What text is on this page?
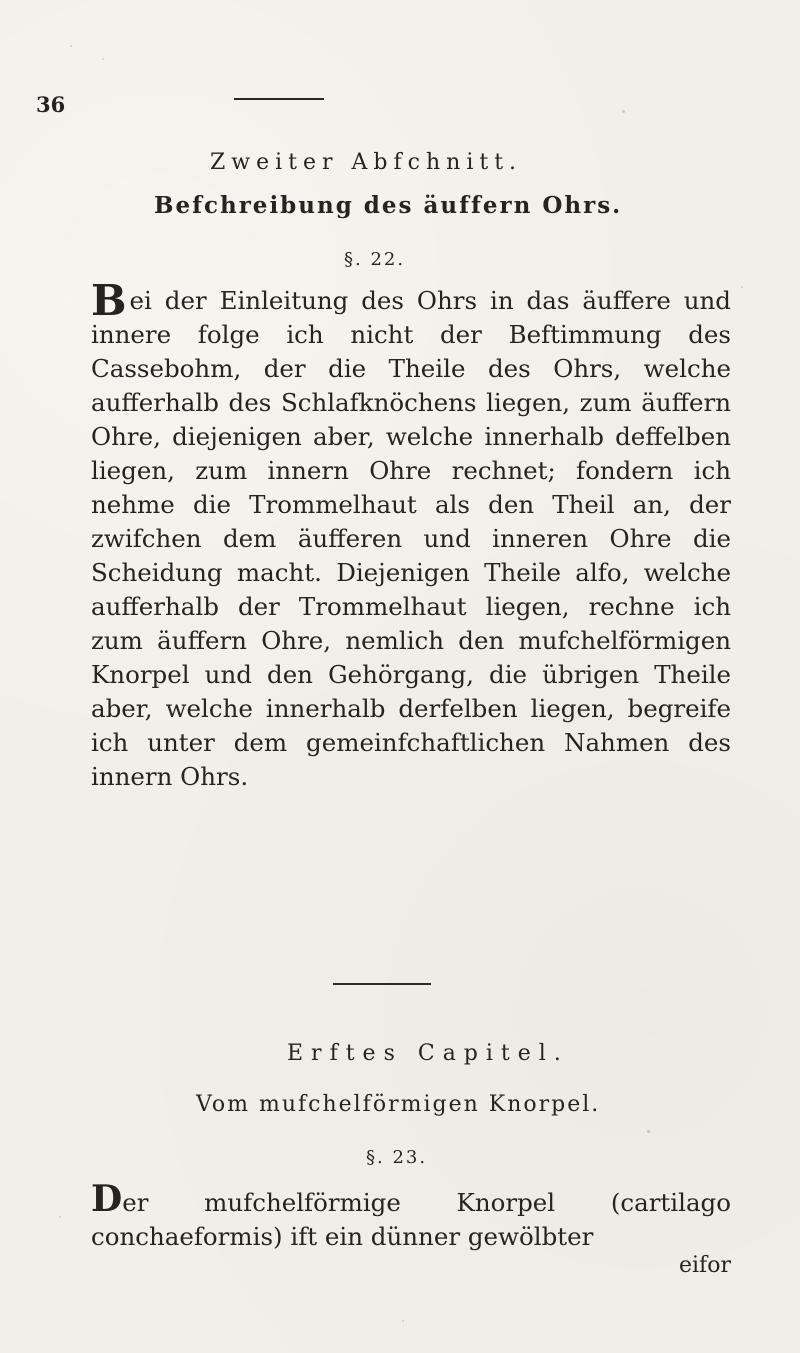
36
Zweiter Abfchnitt.
Befchreibung des äuffern Ohrs.
§. 22.
Bei der Einleitung des Ohrs in das äuffere und innere folge ich nicht der Beftimmung des Cassebohm, der die Theile des Ohrs, welche aufferhalb des Schlafknöchens liegen, zum äuffern Ohre, diejenigen aber, welche innerhalb deffelben liegen, zum innern Ohre rechnet; fondern ich nehme die Trommelhaut als den Theil an, der zwifchen dem äufferen und inneren Ohre die Scheidung macht. Diejenigen Theile alfo, welche aufferhalb der Trommelhaut liegen, rechne ich zum äuffern Ohre, nemlich den mufchelförmigen Knorpel und den Gehörgang, die übrigen Theile aber, welche innerhalb derfelben liegen, begreife ich unter dem gemeinfchaftlichen Nahmen des innern Ohrs.
Erftes Capitel.
Vom mufchelförmigen Knorpel.
§. 23.
Der mufchelförmige Knorpel (cartilago conchaeformis) ift ein dünner gewölbter
eifor
